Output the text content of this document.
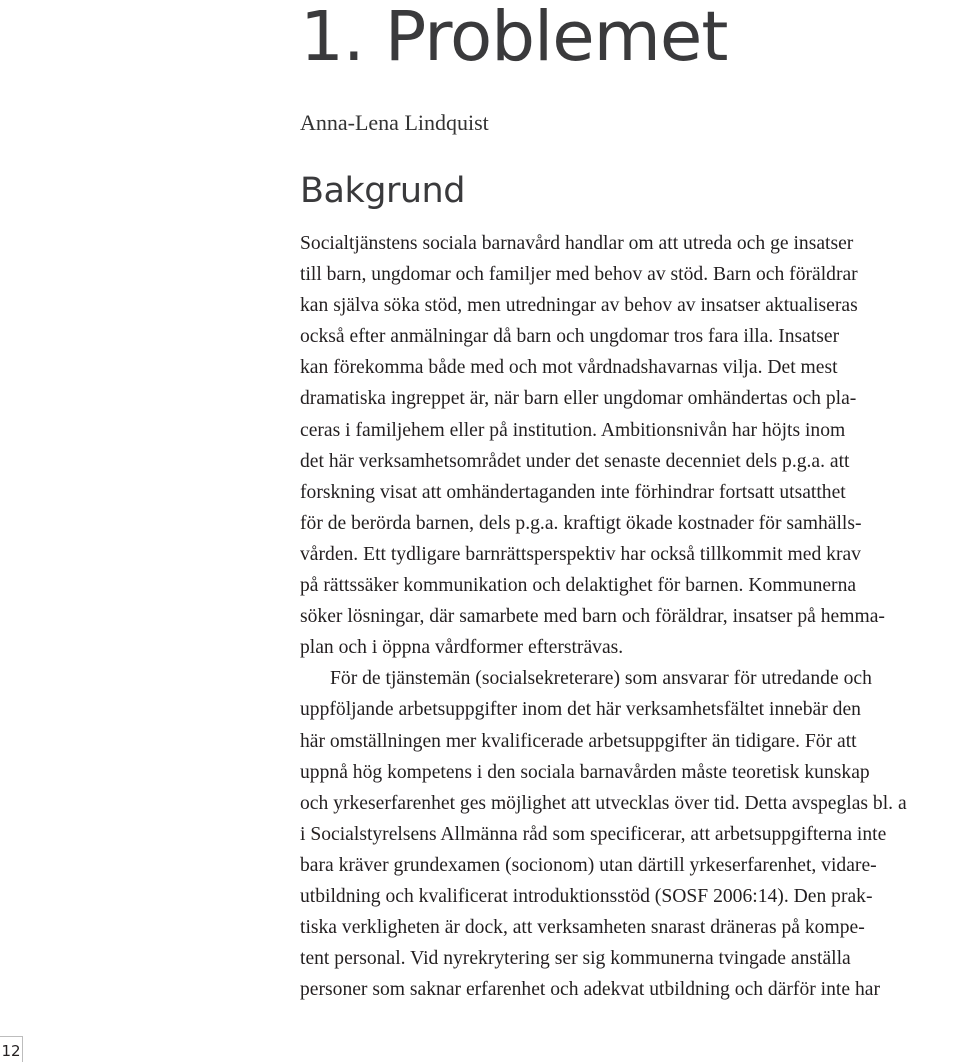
1. Problemet
Anna-Lena Lindquist
Bakgrund
Socialtjänstens sociala barnavård handlar om att utreda och ge insatser
till barn, ungdomar och familjer med behov av stöd. Barn och föräldrar
kan själva söka stöd, men utredningar av behov av insatser aktualiseras
också efter anmälningar då barn och ungdomar tros fara illa. Insatser
kan förekomma både med och mot vårdnadshavarnas vilja. Det mest
dramatiska ingreppet är, när barn eller ungdomar omhändertas och pla-
ceras i familjehem eller på institution. Ambitionsnivån har höjts inom
det här verksamhetsområdet under det senaste decenniet dels p.g.a. att
forskning visat att omhändertaganden inte förhindrar fortsatt utsatthet
för de berörda barnen, dels p.g.a. kraftigt ökade kostnader för samhälls-
vården. Ett tydligare barnrättsperspektiv har också tillkommit med krav
på rättssäker kommunikation och delaktighet för barnen. Kommunerna
söker lösningar, där samarbete med barn och föräldrar, insatser på hemma-
plan och i öppna vårdformer eftersträvas.
För de tjänstemän (socialsekreterare) som ansvarar för utredande och
uppföljande arbetsuppgifter inom det här verksamhetsfältet innebär den
här omställningen mer kvalificerade arbetsuppgifter än tidigare. För att
uppnå hög kompetens i den sociala barnavården måste teoretisk kunskap
och yrkeserfarenhet ges möjlighet att utvecklas över tid. Detta avspeglas bl. a
i Socialstyrelsens Allmänna råd som specificerar, att arbetsuppgifterna inte
bara kräver grundexamen (socionom) utan därtill yrkeserfarenhet, vidare-
utbildning och kvalificerat introduktionsstöd (SOSF 2006:14). Den prak-
tiska verkligheten är dock, att verksamheten snarast dräneras på kompe-
tent personal. Vid nyrekrytering ser sig kommunerna tvingade anställa
personer som saknar erfarenhet och adekvat utbildning och därför inte har
12
